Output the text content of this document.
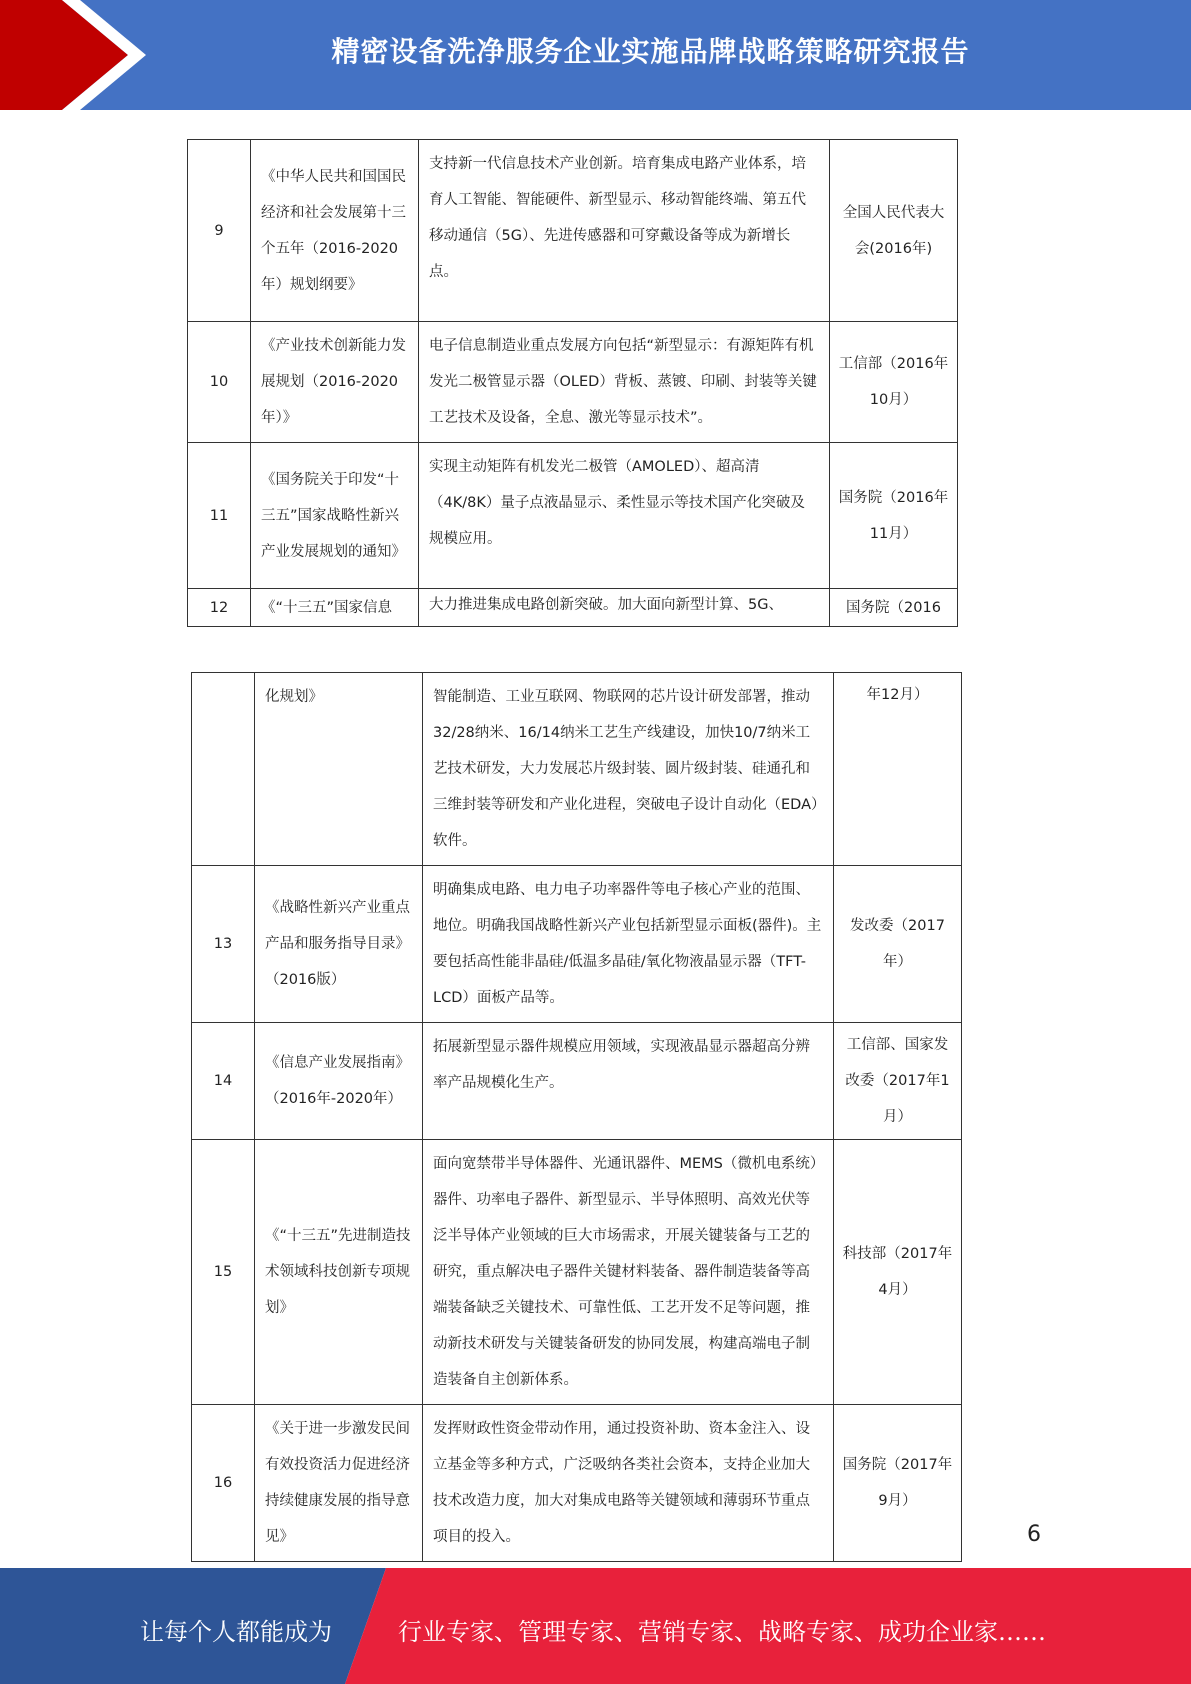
精密设备洗净服务企业实施品牌战略策略研究报告
9	《中华人民共和国国民经济和社会发展第十三个五年（2016-2020年）规划纲要》	支持新一代信息技术产业创新。培育集成电路产业体系，培育人工智能、智能硬件、新型显示、移动智能终端、第五代移动通信（5G）、先进传感器和可穿戴设备等成为新增长点。	全国人民代表大会(2016年)
10	《产业技术创新能力发展规划（2016-2020年）》	电子信息制造业重点发展方向包括“新型显示：有源矩阵有机发光二极管显示器（OLED）背板、蒸镀、印刷、封装等关键工艺技术及设备，全息、激光等显示技术”。	工信部（2016年10月）
11	《国务院关于印发“十三五”国家战略性新兴产业发展规划的通知》	实现主动矩阵有机发光二极管（AMOLED）、超高清（4K/8K）量子点液晶显示、柔性显示等技术国产化突破及规模应用。	国务院（2016年11月）
12	《“十三五”国家信息	大力推进集成电路创新突破。加大面向新型计算、5G、	国务院（2016
	化规划》	智能制造、工业互联网、物联网的芯片设计研发部署，推动32/28纳米、16/14纳米工艺生产线建设，加快10/7纳米工艺技术研发，大力发展芯片级封装、圆片级封装、硅通孔和三维封装等研发和产业化进程，突破电子设计自动化（EDA）软件。	年12月）
13	《战略性新兴产业重点产品和服务指导目录》（2016版）	明确集成电路、电力电子功率器件等电子核心产业的范围、地位。明确我国战略性新兴产业包括新型显示面板(器件)。主要包括高性能非晶硅/低温多晶硅/氧化物液晶显示器（TFT-LCD）面板产品等。	发改委（2017年）
14	《信息产业发展指南》（2016年-2020年）	拓展新型显示器件规模应用领域，实现液晶显示器超高分辨率产品规模化生产。	工信部、国家发改委（2017年1月）
15	《“十三五”先进制造技术领域科技创新专项规划》	面向宽禁带半导体器件、光通讯器件、MEMS（微机电系统）器件、功率电子器件、新型显示、半导体照明、高效光伏等泛半导体产业领域的巨大市场需求，开展关键装备与工艺的研究，重点解决电子器件关键材料装备、器件制造装备等高端装备缺乏关键技术、可靠性低、工艺开发不足等问题，推动新技术研发与关键装备研发的协同发展，构建高端电子制造装备自主创新体系。	科技部（2017年4月）
16	《关于进一步激发民间有效投资活力促进经济持续健康发展的指导意见》	发挥财政性资金带动作用，通过投资补助、资本金注入、设立基金等多种方式，广泛吸纳各类社会资本，支持企业加大技术改造力度，加大对集成电路等关键领域和薄弱环节重点项目的投入。	国务院（2017年9月）
6
让每个人都能成为	行业专家、管理专家、营销专家、战略专家、成功企业家……
